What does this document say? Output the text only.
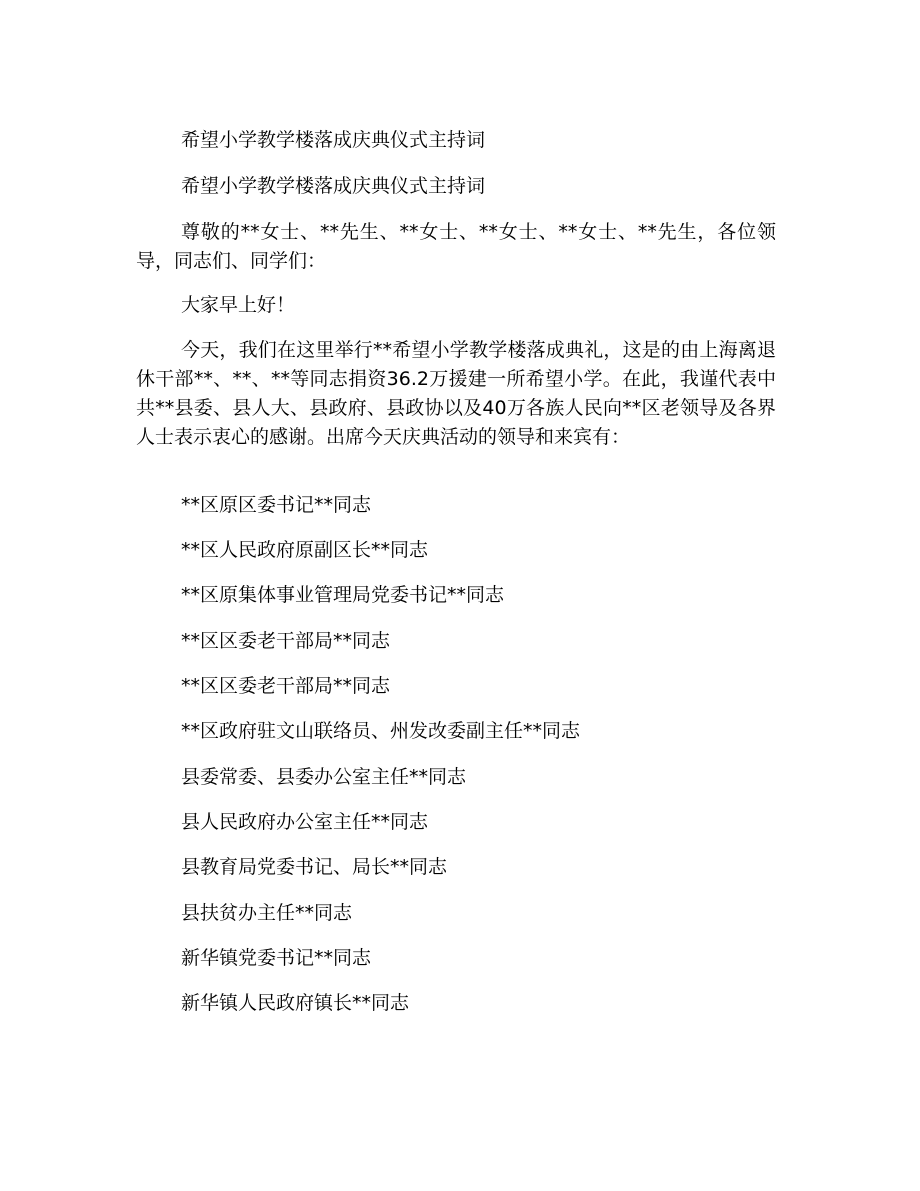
希望小学教学楼落成庆典仪式主持词
希望小学教学楼落成庆典仪式主持词
尊敬的**女士、**先生、**女士、**女士、**女士、**先生，各位领导，同志们、同学们：
大家早上好！
今天，我们在这里举行**希望小学教学楼落成典礼，这是的由上海离退休干部**、**、**等同志捐资36.2万援建一所希望小学。在此，我谨代表中共**县委、县人大、县政府、县政协以及40万各族人民向**区老领导及各界人士表示衷心的感谢。出席今天庆典活动的领导和来宾有：
**区原区委书记**同志
**区人民政府原副区长**同志
**区原集体事业管理局党委书记**同志
**区区委老干部局**同志
**区区委老干部局**同志
**区政府驻文山联络员、州发改委副主任**同志
县委常委、县委办公室主任**同志
县人民政府办公室主任**同志
县教育局党委书记、局长**同志
县扶贫办主任**同志
新华镇党委书记**同志
新华镇人民政府镇长**同志
